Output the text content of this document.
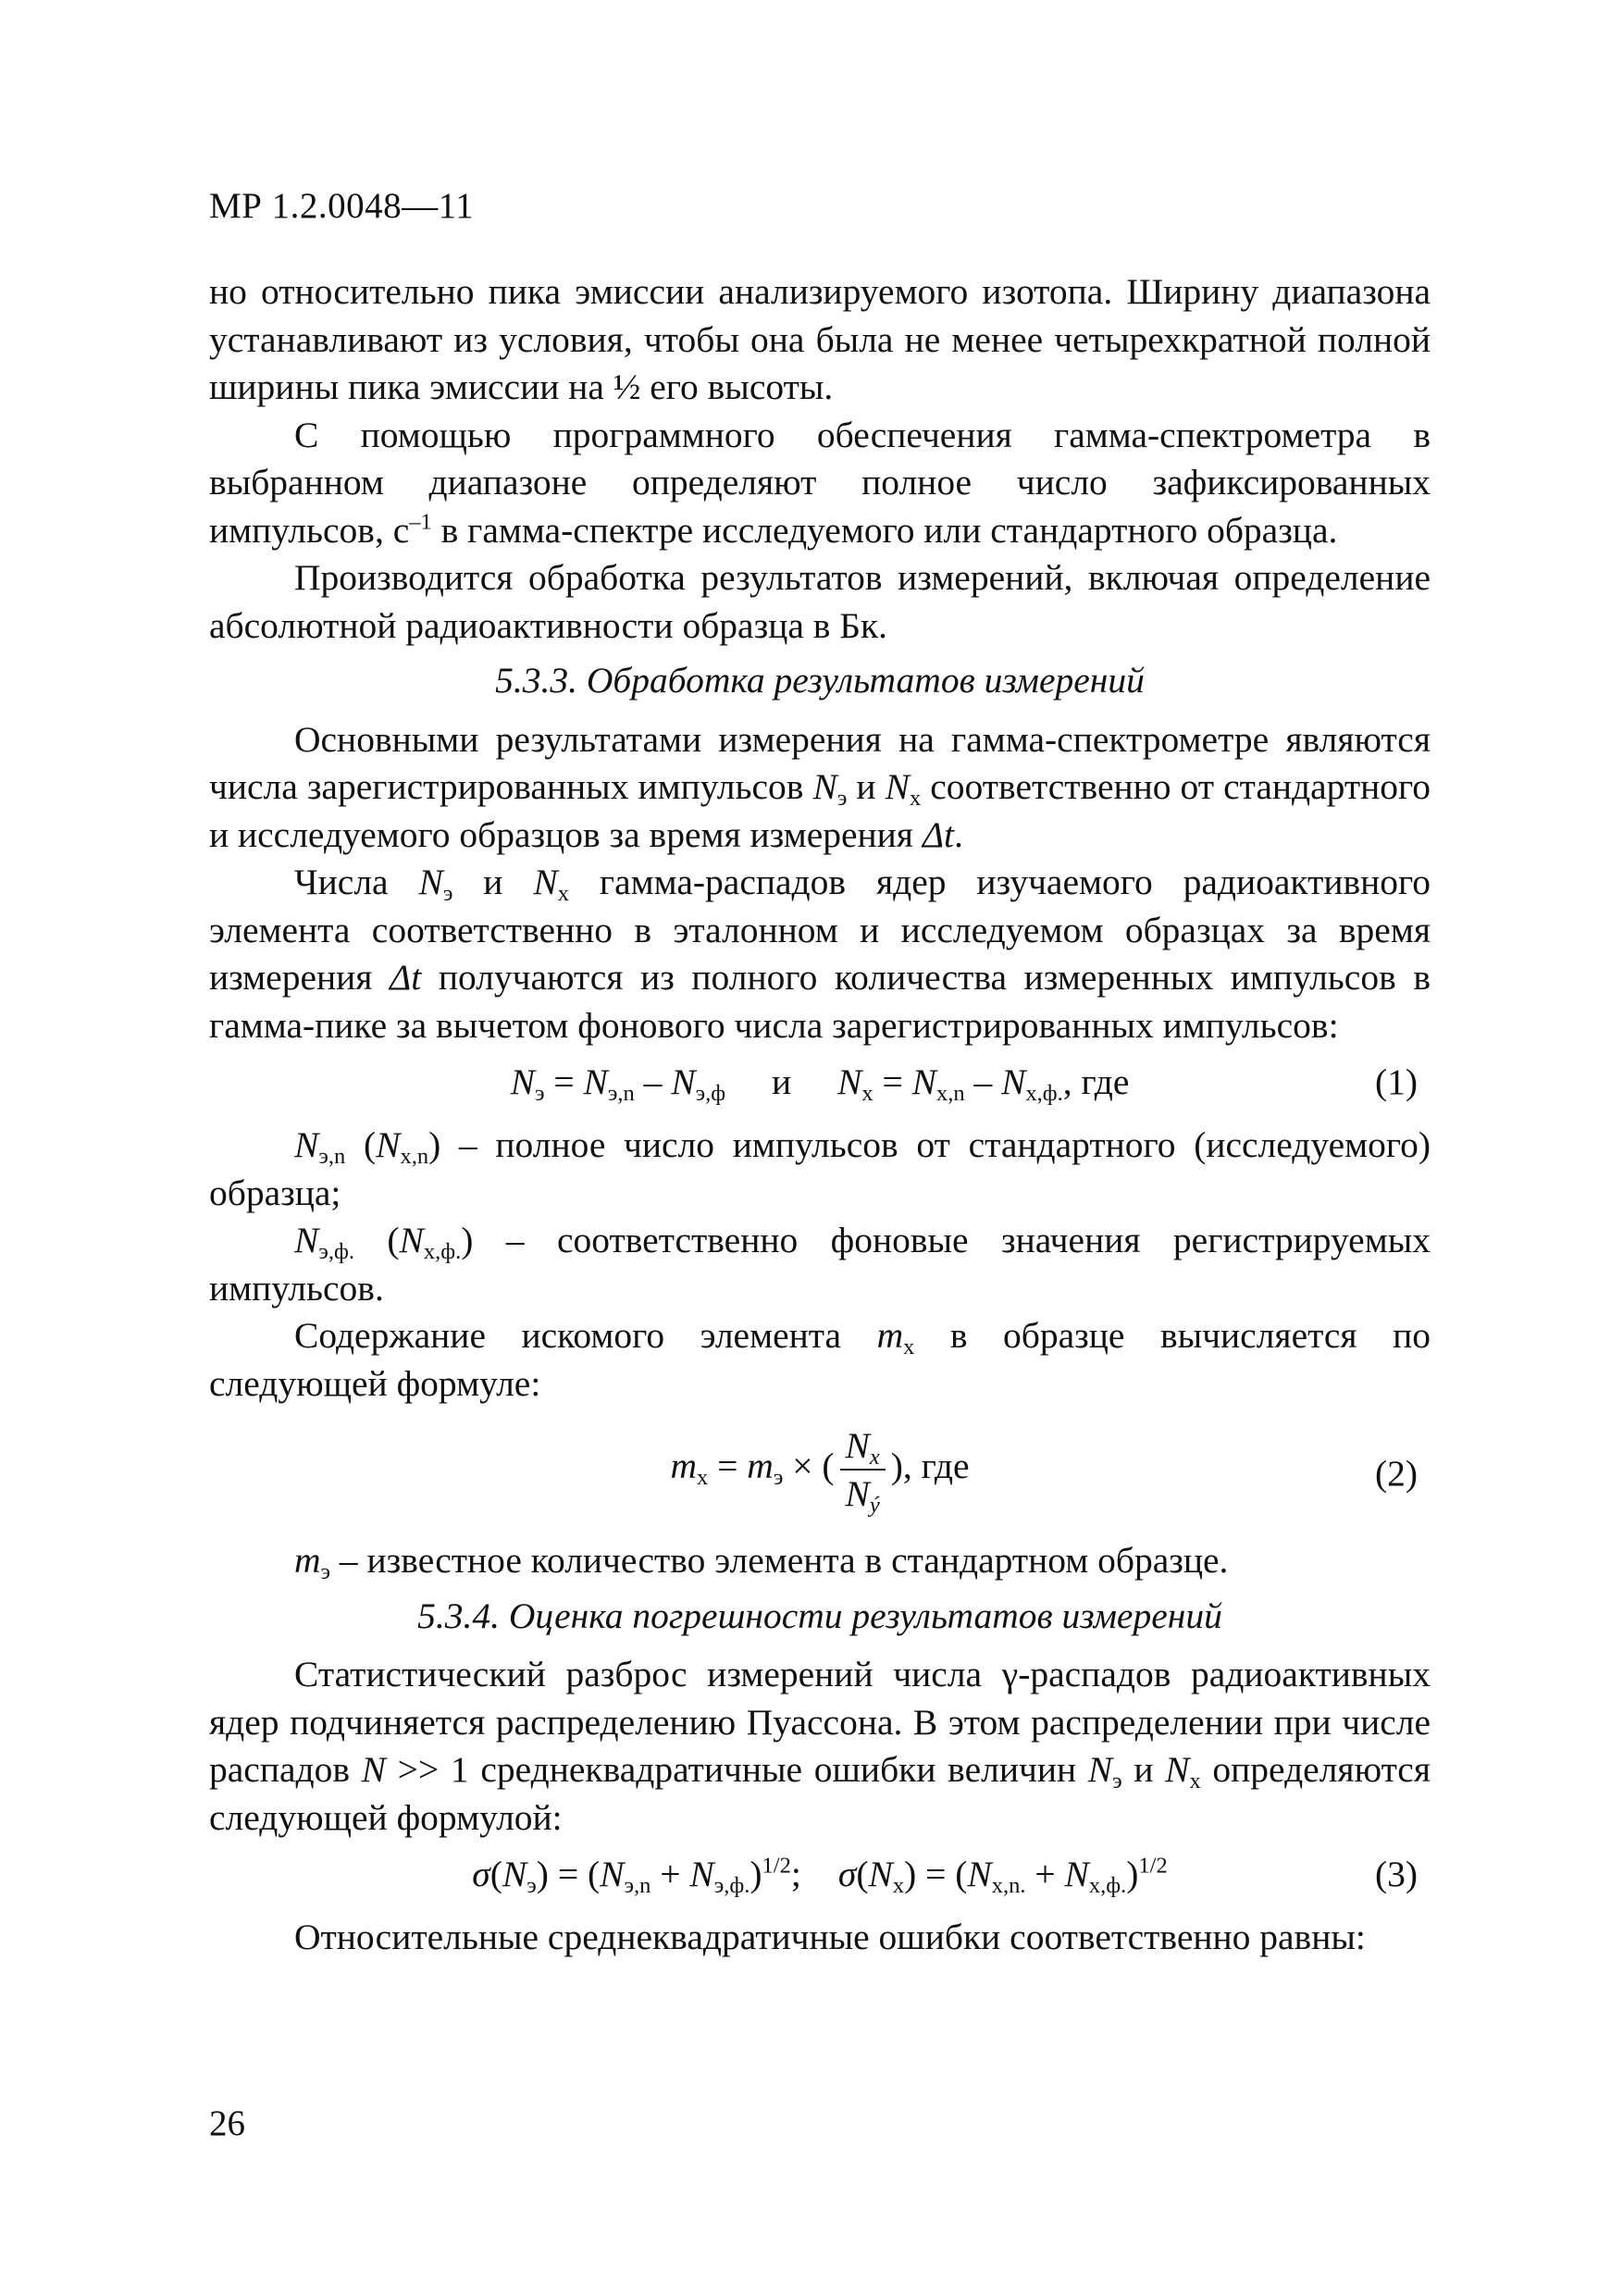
МР 1.2.0048—11

но относительно пика эмиссии анализируемого изотопа. Ширину диапазона устанавливают из условия, чтобы она была не менее четырехкратной полной ширины пика эмиссии на ½ его высоты.

С помощью программного обеспечения гамма-спектрометра в выбранном диапазоне определяют полное число зафиксированных импульсов, $с^{-1}$ в гамма-спектре исследуемого или стандартного образца.

Производится обработка результатов измерений, включая определение абсолютной радиоактивности образца в Бк.

5.3.3. Обработка результатов измерений

Основными результатами измерения на гамма-спектрометре являются числа зарегистрированных импульсов $N_э$ и $N_x$ соответственно от стандартного и исследуемого образцов за время измерения Δt.

Числа $N_э$ и $N_x$ гамма-распадов ядер изучаемого радиоактивного элемента соответственно в эталонном и исследуемом образцах за время измерения Δt получаются из полного количества измеренных импульсов в гамма-пике за вычетом фонового числа зарегистрированных импульсов:

$N_э = N_{э,n} - N_{э,ф}$ и $N_x = N_{x,n} - N_{x,ф.}$, где	(1)

$N_{э,n}$ $(N_{x,n})$ – полное число импульсов от стандартного (исследуемого) образца;

$N_{э,ф.}$ $(N_{x,ф.})$ – соответственно фоновые значения регистрируемых импульсов.

Содержание искомого элемента $m_x$ в образце вычисляется по следующей формуле:

$m_x = m_э$ × ( $\frac{N_x}{N_ý}$ ), где	(2)

$m_э$ – известное количество элемента в стандартном образце.

5.3.4. Оценка погрешности результатов измерений

Статистический разброс измерений числа γ-распадов радиоактивных ядер подчиняется распределению Пуассона. В этом распределении при числе распадов N >> 1 среднеквадратичные ошибки величин $N_э$ и $N_x$ определяются следующей формулой:

$\sigma(N_э) = (N_{э,n} + N_{э,ф.})^{1/2}$; $\sigma(N_x) = (N_{x,n.} + N_{x,ф.})^{1/2}$	(3)

Относительные среднеквадратичные ошибки соответственно равны:

26
